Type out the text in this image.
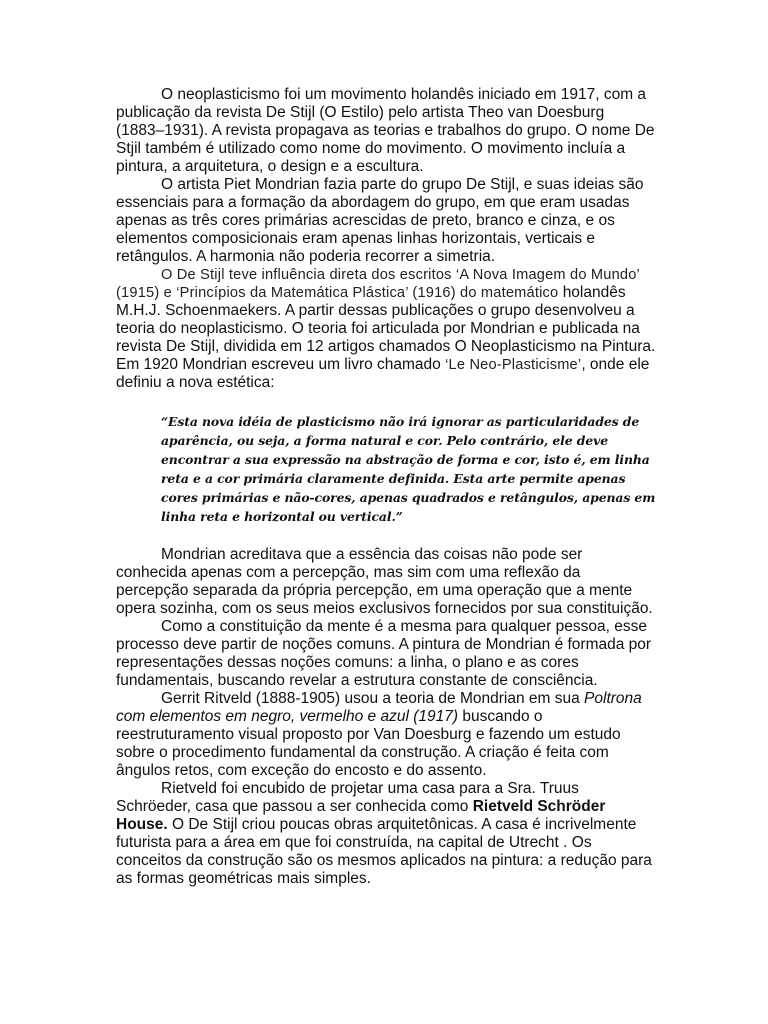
O neoplasticismo foi um movimento holandês iniciado em 1917, com a publicação da revista De Stijl (O Estilo) pelo artista Theo van Doesburg (1883–1931). A revista propagava as teorias e trabalhos do grupo. O nome De Stjil também é utilizado como nome do movimento. O movimento incluía a pintura, a arquitetura, o design e a escultura.

O artista Piet Mondrian fazia parte do grupo De Stijl, e suas ideias são essenciais para a formação da abordagem do grupo, em que eram usadas apenas as três cores primárias acrescidas de preto, branco e cinza, e os elementos composicionais eram apenas linhas horizontais, verticais e retângulos. A harmonia não poderia recorrer a simetria.

O De Stijl teve influência direta dos escritos ‘A Nova Imagem do Mundo’ (1915) e ‘Princípios da Matemática Plástica’ (1916) do matemático holandês M.H.J. Schoenmaekers. A partir dessas publicações o grupo desenvolveu a teoria do neoplasticismo. O teoria foi articulada por Mondrian e publicada na revista De Stijl, dividida em 12 artigos chamados O Neoplasticismo na Pintura. Em 1920 Mondrian escreveu um livro chamado ‘Le Neo-Plasticisme’, onde ele definiu a nova estética:

“Esta nova idéia de plasticismo não irá ignorar as particularidades de aparência, ou seja, a forma natural e cor. Pelo contrário, ele deve encontrar a sua expressão na abstração de forma e cor, isto é, em linha reta e a cor primária claramente definida. Esta arte permite apenas cores primárias e não-cores, apenas quadrados e retângulos, apenas em linha reta e horizontal ou vertical.”

Mondrian acreditava que a essência das coisas não pode ser conhecida apenas com a percepção, mas sim com uma reflexão da percepção separada da própria percepção, em uma operação que a mente opera sozinha, com os seus meios exclusivos fornecidos por sua constituição.

Como a constituição da mente é a mesma para qualquer pessoa, esse processo deve partir de noções comuns. A pintura de Mondrian é formada por representações dessas noções comuns: a linha, o plano e as cores fundamentais, buscando revelar a estrutura constante de consciência.

Gerrit Ritveld (1888-1905) usou a teoria de Mondrian em sua Poltrona com elementos em negro, vermelho e azul (1917) buscando o reestruturamento visual proposto por Van Doesburg e fazendo um estudo sobre o procedimento fundamental da construção. A criação é feita com ângulos retos, com exceção do encosto e do assento.

Rietveld foi encubido de projetar uma casa para a Sra. Truus Schröeder, casa que passou a ser conhecida como Rietveld Schröder House. O De Stijl criou poucas obras arquitetônicas. A casa é incrivelmente futurista para a área em que foi construída, na capital de Utrecht . Os conceitos da construção são os mesmos aplicados na pintura: a redução para as formas geométricas mais simples.
